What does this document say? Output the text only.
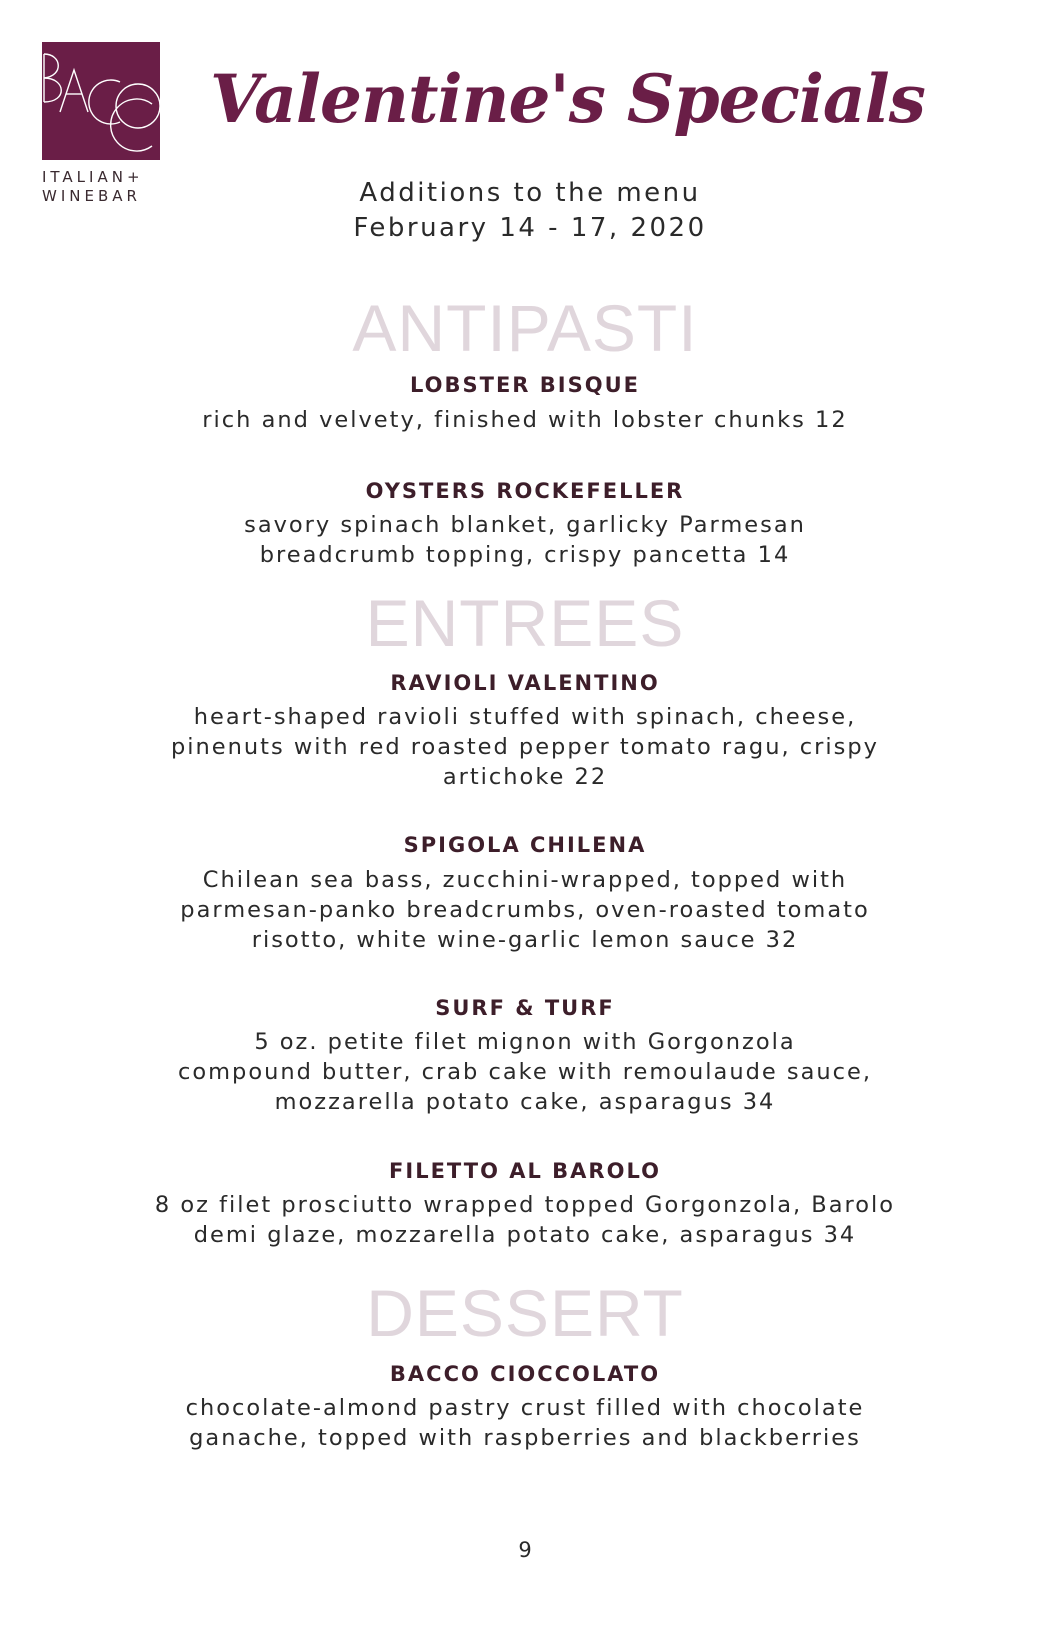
ITALIAN+
WINEBAR
Valentine's Specials
Additions to the menu
February 14 - 17, 2020
ANTIPASTI
LOBSTER BISQUE
rich and velvety, finished with lobster chunks 12
OYSTERS ROCKEFELLER
savory spinach blanket, garlicky Parmesan
breadcrumb topping, crispy pancetta 14
ENTREES
RAVIOLI VALENTINO
heart-shaped ravioli stuffed with spinach, cheese,
pinenuts with red roasted pepper tomato ragu, crispy
artichoke 22
SPIGOLA CHILENA
Chilean sea bass, zucchini-wrapped, topped with
parmesan-panko breadcrumbs, oven-roasted tomato
risotto, white wine-garlic lemon sauce 32
SURF & TURF
5 oz. petite filet mignon with Gorgonzola
compound butter, crab cake with remoulaude sauce,
mozzarella potato cake, asparagus 34
FILETTO AL BAROLO
8 oz filet prosciutto wrapped topped Gorgonzola, Barolo
demi glaze, mozzarella potato cake, asparagus 34
DESSERT
BACCO CIOCCOLATO
chocolate-almond pastry crust filled with chocolate
ganache, topped with raspberries and blackberries
9
